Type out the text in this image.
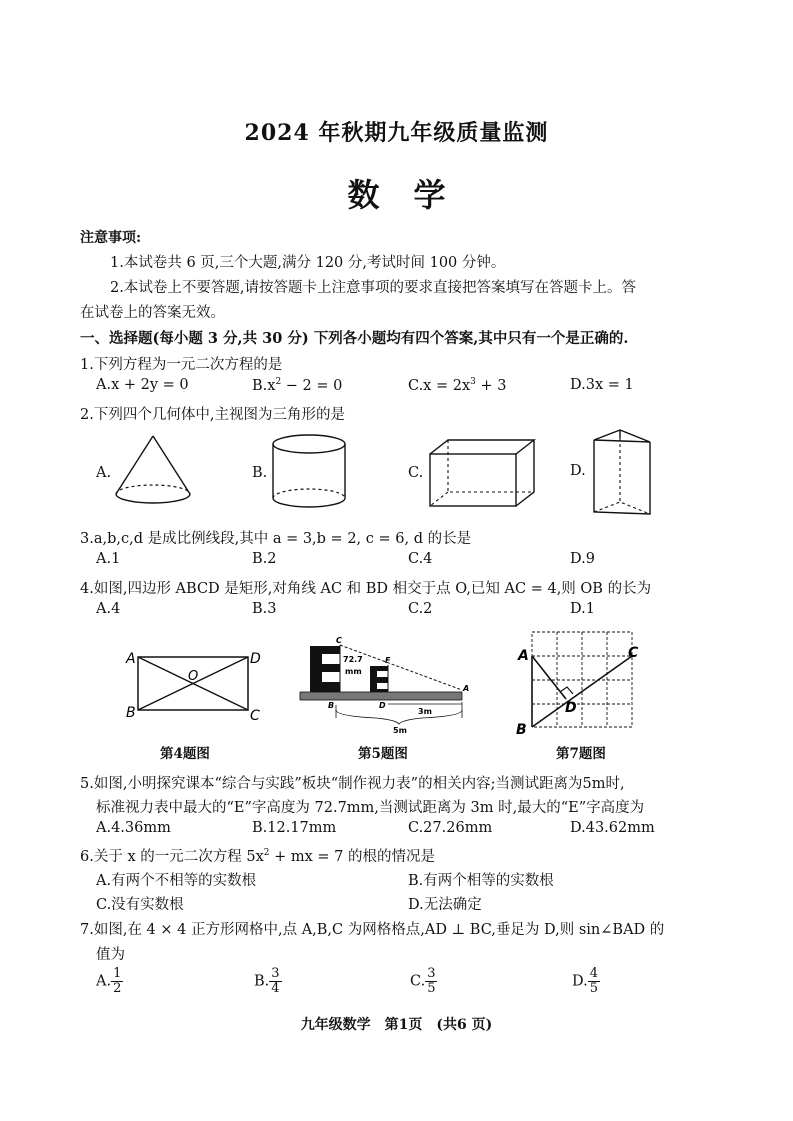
2024 年秋期九年级质量监测
数学
注意事项:
1.本试卷共 6 页,三个大题,满分 120 分,考试时间 100 分钟。
2.本试卷上不要答题,请按答题卡上注意事项的要求直接把答案填写在答题卡上。答
在试卷上的答案无效。
一、选择题(每小题 3 分,共 30 分) 下列各小题均有四个答案,其中只有一个是正确的.
1.下列方程为一元二次方程的是
A.x + 2y = 0	$B.x^2 - 2 = 0$	$C.x = 2x^3 + 3$	D.3x = 1
2.下列四个几何体中,主视图为三角形的是
A.	B.	C.	D.
3.a,b,c,d 是成比例线段,其中 a = 3,b = 2, c = 6, d 的长是
A.1	B.2	C.4	D.9
4.如图,四边形 ABCD 是矩形,对角线 AC 和 BD 相交于点 O,已知 AC = 4,则 OB 的长为
A.4	B.3	C.2	D.1
A
B	C
D
O
第4题图
C
F
72.7
mm
B	D
A
3m
5m
第5题图
A
B
C
D
第7题图
5.如图,小明探究课本“综合与实践”板块“制作视力表”的相关内容;当测试距离为5m时,
标准视力表中最大的“E”字高度为 72.7mm,当测试距离为 3m 时,最大的“E”字高度为
A.4.36mm	B.12.17mm	C.27.26mm	D.43.62mm
6.关于 x 的一元二次方程 $5x^2$ + mx = 7 的根的情况是
A.有两个不相等的实数根	B.有两个相等的实数根
C.没有实数根	D.无法确定
7.如图,在 4 × 4 正方形网格中,点 A,B,C 为网格格点,AD ⊥ BC,垂足为 D,则 sin∠BAD 的
值为
A. $\frac{1}{2}$	B. $\frac{3}{4}$	C. $\frac{3}{5}$	D. $\frac{4}{5}$
九年级数学　第1页　(共6 页)
